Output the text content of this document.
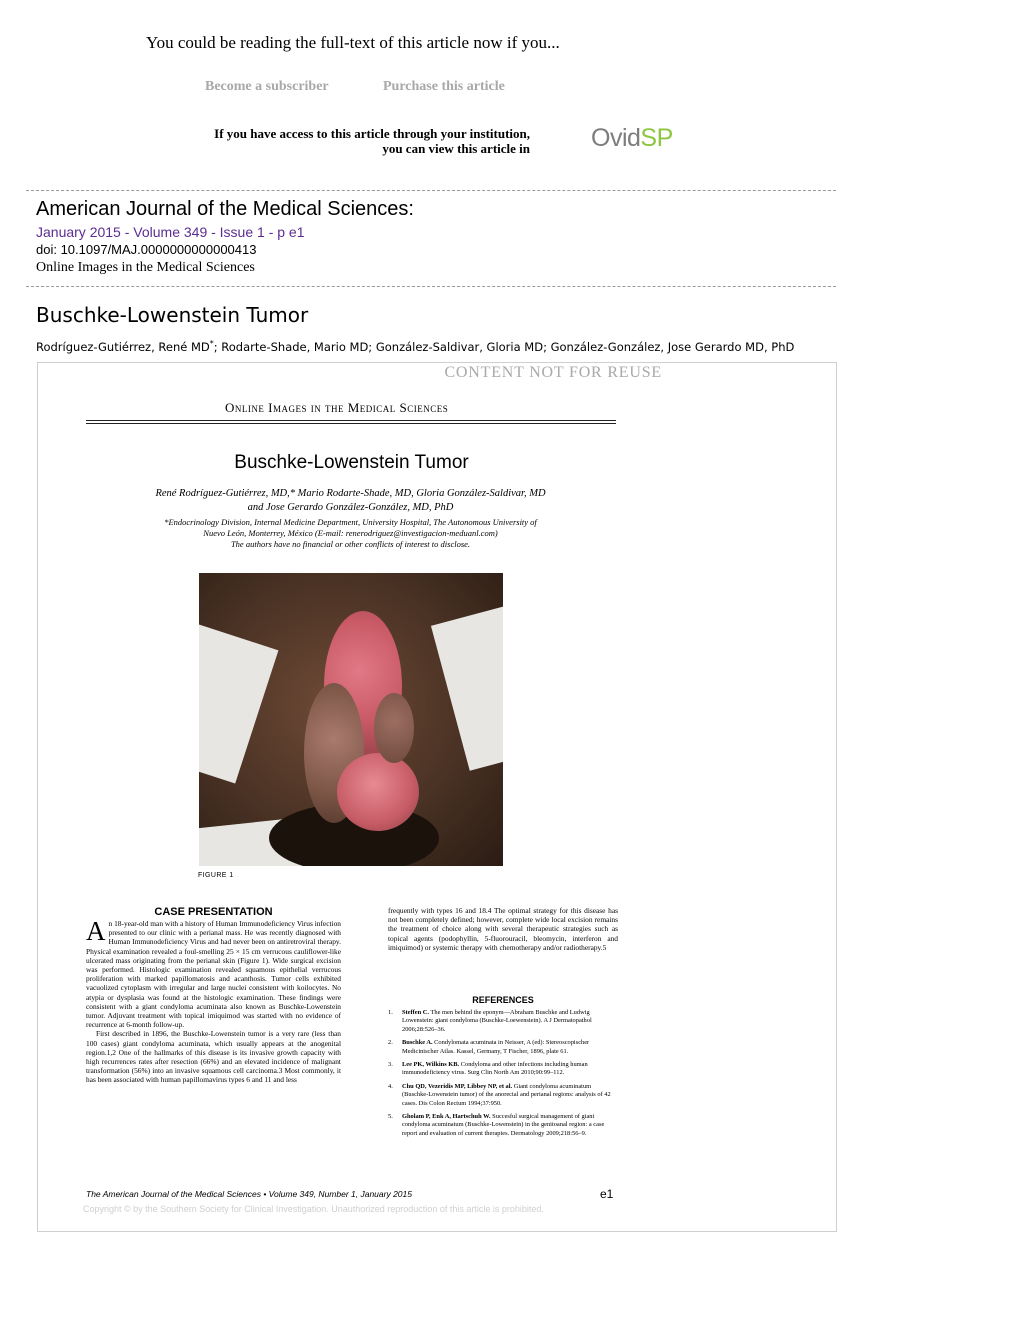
You could be reading the full-text of this article now if you...
Become a subscriber	Purchase this article
If you have access to this article through your institution,
you can view this article in OvidSP
American Journal of the Medical Sciences:
January 2015 - Volume 349 - Issue 1 - p e1
doi: 10.1097/MAJ.0000000000000413
Online Images in the Medical Sciences
Buschke-Lowenstein Tumor
Rodríguez-Gutiérrez, René MD*; Rodarte-Shade, Mario MD; González-Saldivar, Gloria MD; González-González, Jose Gerardo MD, PhD
CONTENT NOT FOR REUSE
Online Images in the Medical Sciences
Buschke-Lowenstein Tumor
René Rodríguez-Gutiérrez, MD,* Mario Rodarte-Shade, MD, Gloria González-Saldivar, MD
and Jose Gerardo González-González, MD, PhD
*Endocrinology Division, Internal Medicine Department, University Hospital, The Autonomous University of
Nuevo León, Monterrey, México (E-mail: renerodriguez@investigacion-meduanl.com)
The authors have no financial or other conflicts of interest to disclose.
FIGURE 1
CASE PRESENTATION
An 18-year-old man with a history of Human Immunodeficiency Virus infection presented to our clinic with a perianal mass. He was recently diagnosed with Human Immunodeficiency Virus and had never been on antiretroviral therapy. Physical examination revealed a foul-smelling 25 × 15 cm verrucous cauliflower-like ulcerated mass originating from the perianal skin (Figure 1). Wide surgical excision was performed. Histologic examination revealed squamous epithelial verrucous proliferation with marked papillomatosis and acanthosis. Tumor cells exhibited vacuolized cytoplasm with irregular and large nuclei consistent with koilocytes. No atypia or dysplasia was found at the histologic examination. These findings were consistent with a giant condyloma acuminata also known as Buschke-Lowenstein tumor. Adjuvant treatment with topical imiquimod was started with no evidence of recurrence at 6-month follow-up.
First described in 1896, the Buschke-Lowenstein tumor is a very rare (less than 100 cases) giant condyloma acuminata, which usually appears at the anogenital region.1,2 One of the hallmarks of this disease is its invasive growth capacity with high recurrences rates after resection (66%) and an elevated incidence of malignant transformation (56%) into an invasive squamous cell carcinoma.3 Most commonly, it has been associated with human papillomavirus types 6 and 11 and less
frequently with types 16 and 18.4 The optimal strategy for this disease has not been completely defined; however, complete wide local excision remains the treatment of choice along with several therapeutic strategies such as topical agents (podophyllin, 5-fluorouracil, bleomycin, interferon and imiquimod) or systemic therapy with chemotherapy and/or radiotherapy.5
REFERENCES
1. Steffen C. The men behind the eponym—Abraham Buschke and Ludwig Lowenstein: giant condyloma (Buschke-Loewenstein). A J Dermatopathol 2006;28:526–36.
2. Buschke A. Condylomata acuminata in Neisser, A (ed): Stereoscopischer Medicinischer Atlas. Kassel, Germany, T Fischer, 1896, plate 61.
3. Lee PK, Wilkins KB. Condyloma and other infections including human immunodeficiency virus. Surg Clin North Am 2010;90:99–112.
4. Chu QD, Vezeridis MP, Libbey NP, et al. Giant condyloma acuminatum (Buschke-Lowenstein tumor) of the anorectal and perianal regions: analysis of 42 cases. Dis Colon Rectum 1994;37:950.
5. Gholam P, Enk A, Hartschuh W. Succesful surgical management of giant condyloma acuminatum (Buschke-Lowenstein) in the genitoanal region: a case report and evaluation of current therapies. Dermatology 2009;218:56–9.
The American Journal of the Medical Sciences • Volume 349, Number 1, January 2015	e1
Copyright © by the Southern Society for Clinical Investigation. Unauthorized reproduction of this article is prohibited.
